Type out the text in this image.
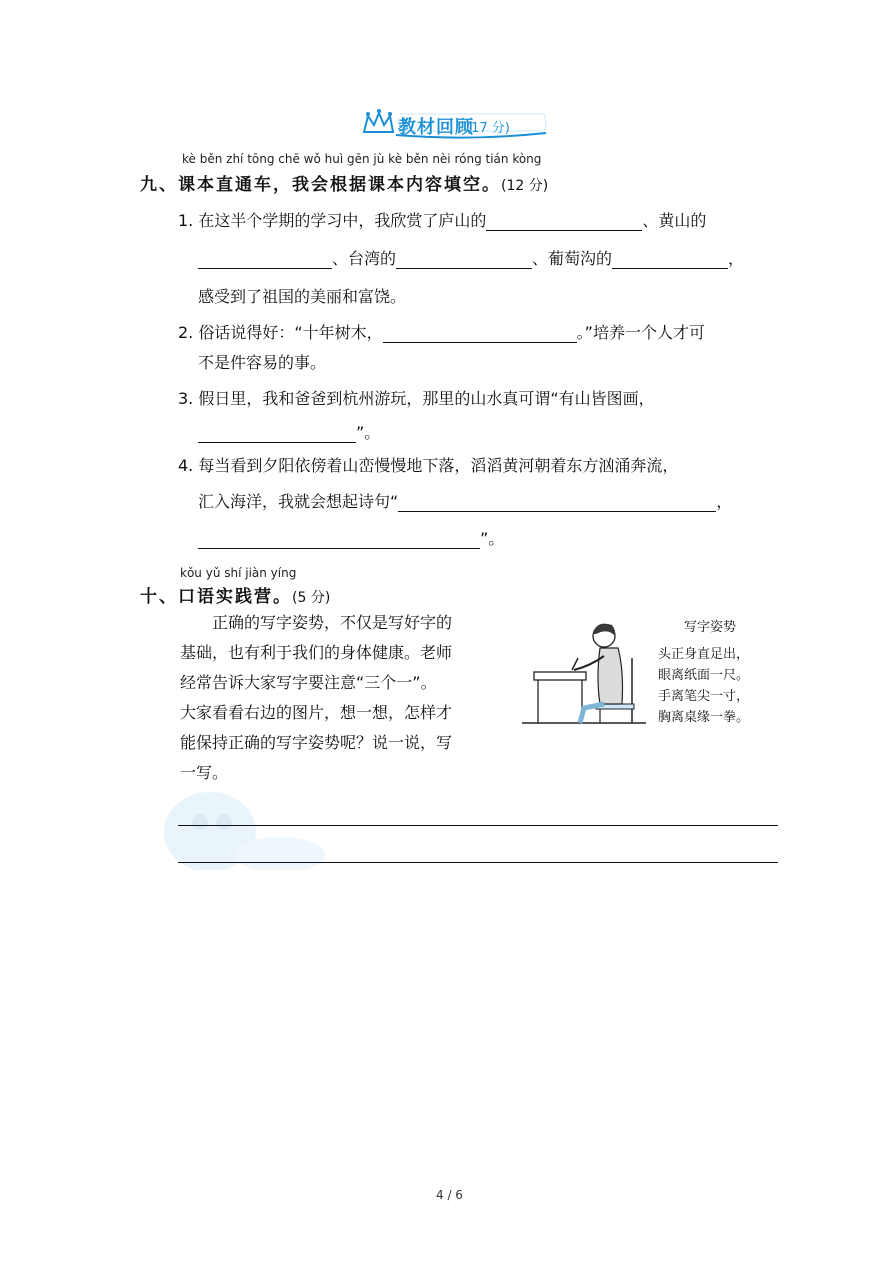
教材回顾
(17 分)
kè běn zhí tōng chē wǒ huì gēn jù kè běn nèi róng tián kòng
九、课本直通车，我会根据课本内容填空。(12 分)
1. 在这半个学期的学习中，我欣赏了庐山的	、黄山的
、台湾的	、葡萄沟的	，
感受到了祖国的美丽和富饶。
2. 俗话说得好：“十年树木，	。”培养一个人才可
不是件容易的事。
3. 假日里，我和爸爸到杭州游玩，那里的山水真可谓“有山皆图画，
”。
4. 每当看到夕阳依傍着山峦慢慢地下落，滔滔黄河朝着东方汹涌奔流，
汇入海洋，我就会想起诗句“	，
”。
kǒu yǔ shí jiàn yíng
十、口语实践营。(5 分)
　　正确的写字姿势，不仅是写好字的
基础，也有利于我们的身体健康。老师
经常告诉大家写字要注意“三个一”。
大家看看右边的图片，想一想，怎样才
能保持正确的写字姿势呢？说一说，写
一写。
写字姿势
头正身直足出，
眼离纸面一尺。
手离笔尖一寸，
胸离桌缘一拳。
4 / 6
